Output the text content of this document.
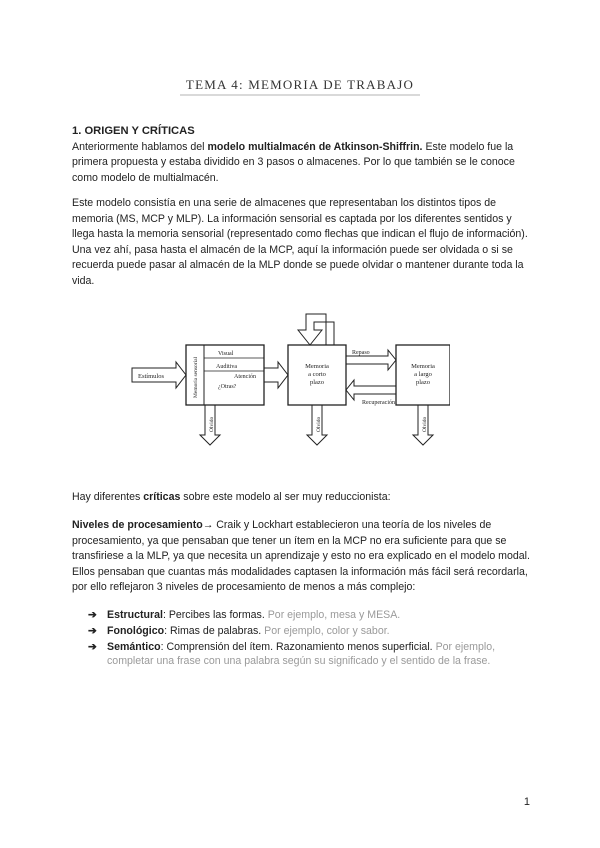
TEMA 4: MEMORIA DE TRABAJO
1. ORIGEN Y CRÍTICAS
Anteriormente hablamos del modelo multialmacén de Atkinson-Shiffrin. Este modelo fue la primera propuesta y estaba dividido en 3 pasos o almacenes. Por lo que también se le conoce como modelo de multialmacén.
Este modelo consistía en una serie de almacenes que representaban los distintos tipos de memoria (MS, MCP y MLP). La información sensorial es captada por los diferentes sentidos y llega hasta la memoria sensorial (representado como flechas que indican el flujo de información). Una vez ahí, pasa hasta el almacén de la MCP, aquí la información puede ser olvidada o si se recuerda puede pasar al almacén de la MLP donde se puede olvidar o mantener durante toda la vida.
Estímulos	Memoria sensorial
Visual
Auditiva
¿Otras?
Atención
Memoria
a corto
plazo
Repaso
Recuperación
Memoria
a largo
plazo
Olvido	Olvido	Olvido
Hay diferentes críticas sobre este modelo al ser muy reduccionista:
Niveles de procesamiento→ Craik y Lockhart establecieron una teoría de los niveles de procesamiento, ya que pensaban que tener un ítem en la MCP no era suficiente para que se transfiriese a la MLP, ya que necesita un aprendizaje y esto no era explicado en el modelo modal. Ellos pensaban que cuantas más modalidades captasen la información más fácil será recordarla, por ello reflejaron 3 niveles de procesamiento de menos a más complejo:
➔ Estructural: Percibes las formas. Por ejemplo, mesa y MESA.
➔ Fonológico: Rimas de palabras. Por ejemplo, color y sabor.
➔ Semántico: Comprensión del ítem. Razonamiento menos superficial. Por ejemplo, completar una frase con una palabra según su significado y el sentido de la frase.
1
